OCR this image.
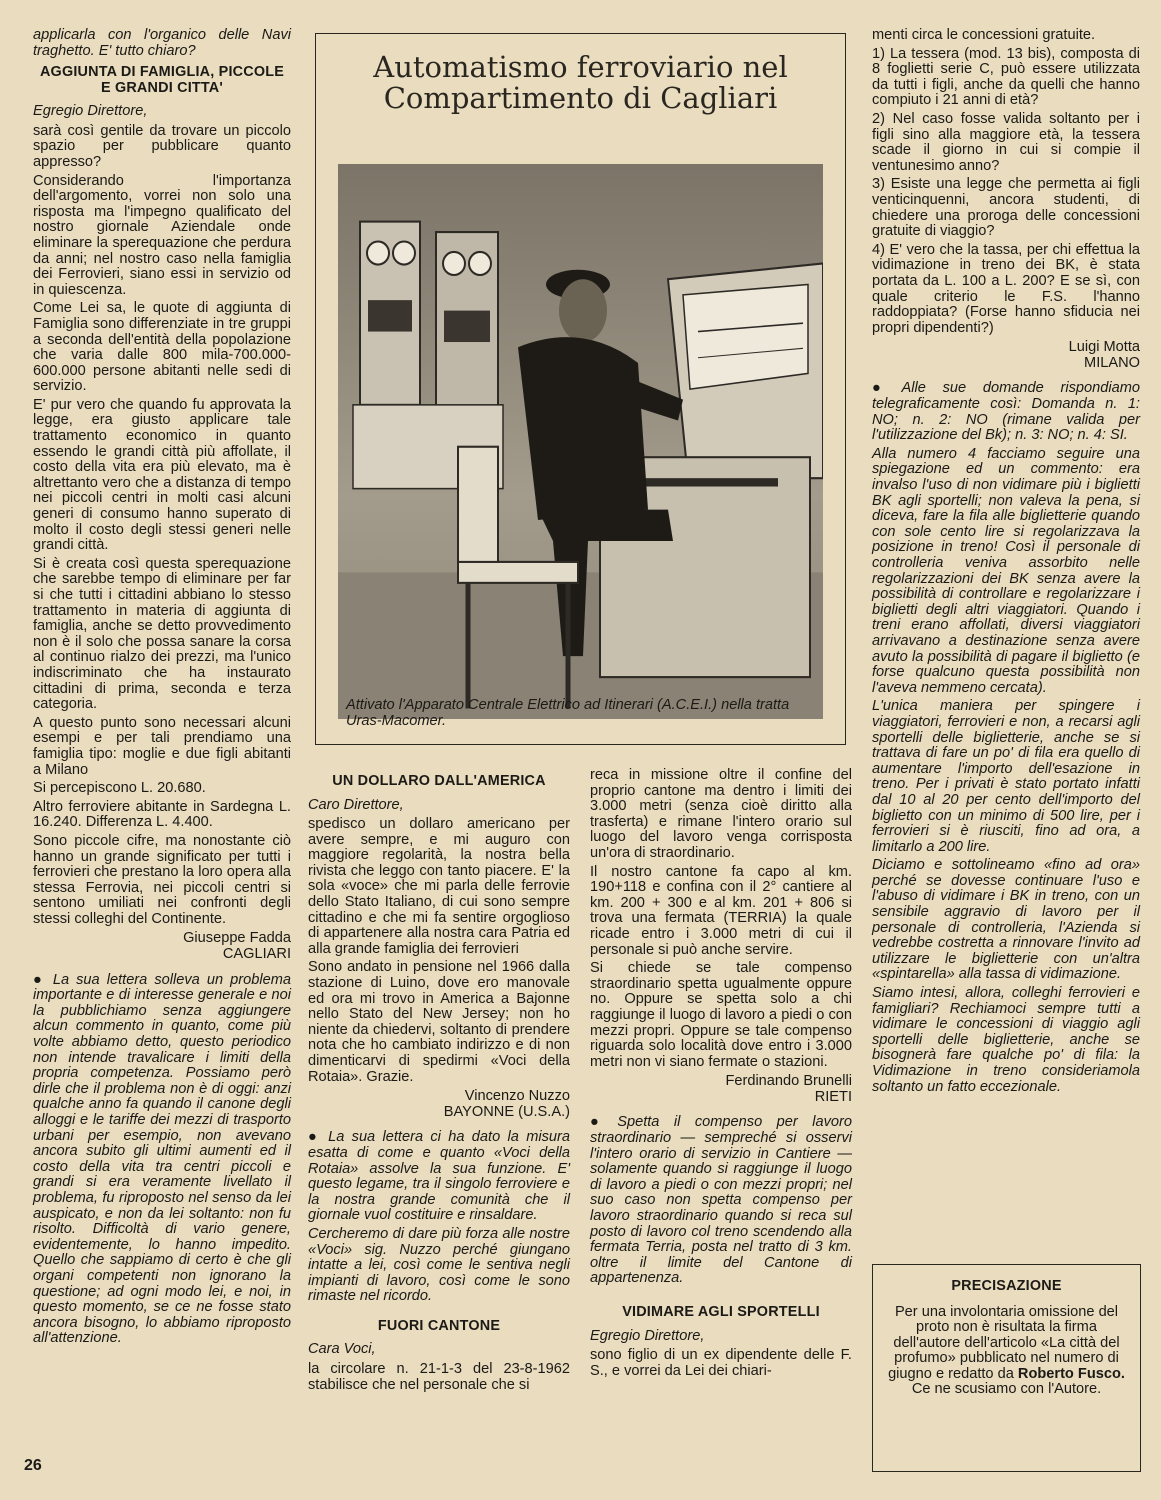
applicarla con l'organico delle Navi traghetto. E' tutto chiaro?

AGGIUNTA DI FAMIGLIA, PICCOLE E GRANDI CITTA'
Egregio Direttore,

sarà così gentile da trovare un piccolo spazio per pubblicare quanto appresso?

Considerando l'importanza dell'argomento, vorrei non solo una risposta ma l'impegno qualificato del nostro giornale Aziendale onde eliminare la sperequazione che perdura da anni; nel nostro caso nella famiglia dei Ferrovieri, siano essi in servizio od in quiescenza.

Come Lei sa, le quote di aggiunta di Famiglia sono differenziate in tre gruppi a seconda dell'entità della popolazione che varia dalle 800 mila-700.000-600.000 persone abitanti nelle sedi di servizio.

E' pur vero che quando fu approvata la legge, era giusto applicare tale trattamento economico in quanto essendo le grandi città più affollate, il costo della vita era più elevato, ma è altrettanto vero che a distanza di tempo nei piccoli centri in molti casi alcuni generi di consumo hanno superato di molto il costo degli stessi generi nelle grandi città.

Si è creata così questa sperequazione che sarebbe tempo di eliminare per far si che tutti i cittadini abbiano lo stesso trattamento in materia di aggiunta di famiglia, anche se detto provvedimento non è il solo che possa sanare la corsa al continuo rialzo dei prezzi, ma l'unico indiscriminato che ha instaurato cittadini di prima, seconda e terza categoria.

A questo punto sono necessari alcuni esempi e per tali prendiamo una famiglia tipo: moglie e due figli abitanti a Milano

Si percepiscono L. 20.680.

Altro ferroviere abitante in Sardegna L. 16.240. Differenza L. 4.400.

Sono piccole cifre, ma nonostante ciò hanno un grande significato per tutti i ferrovieri che prestano la loro opera alla stessa Ferrovia, nei piccoli centri si sentono umiliati nei confronti degli stessi colleghi del Continente.

Giuseppe Fadda
CAGLIARI

● La sua lettera solleva un problema importante e di interesse generale e noi la pubblichiamo senza aggiungere alcun commento in quanto, come più volte abbiamo detto, questo periodico non intende travalicare i limiti della propria competenza. Possiamo però dirle che il problema non è di oggi: anzi qualche anno fa quando il canone degli alloggi e le tariffe dei mezzi di trasporto urbani per esempio, non avevano ancora subito gli ultimi aumenti ed il costo della vita tra centri piccoli e grandi si era veramente livellato il problema, fu riproposto nel senso da lei auspicato, e non da lei soltanto: non fu risolto. Difficoltà di vario genere, evidentemente, lo hanno impedito. Quello che sappiamo di certo è che gli organi competenti non ignorano la questione; ad ogni modo lei, e noi, in questo momento, se ce ne fosse stato ancora bisogno, lo abbiamo riproposto all'attenzione.

Automatismo ferroviario nel Compartimento di Cagliari
Attivato l'Apparato Centrale Elettrico ad Itinerari (A.C.E.I.) nella tratta Uras-Macomer.
UN DOLLARO DALL'AMERICA
Caro Direttore,

spedisco un dollaro americano per avere sempre, e mi auguro con maggiore regolarità, la nostra bella rivista che leggo con tanto piacere. E' la sola «voce» che mi parla delle ferrovie dello Stato Italiano, di cui sono sempre cittadino e che mi fa sentire orgoglioso di appartenere alla nostra cara Patria ed alla grande famiglia dei ferrovieri

Sono andato in pensione nel 1966 dalla stazione di Luino, dove ero manovale ed ora mi trovo in America a Bajonne nello Stato del New Jersey; non ho niente da chiedervi, soltanto di prendere nota che ho cambiato indirizzo e di non dimenticarvi di spedirmi «Voci della Rotaia». Grazie.

Vincenzo Nuzzo
BAYONNE (U.S.A.)

● La sua lettera ci ha dato la misura esatta di come e quanto «Voci della Rotaia» assolve la sua funzione. E' questo legame, tra il singolo ferroviere e la nostra grande comunità che il giornale vuol costituire e rinsaldare.

Cercheremo di dare più forza alle nostre «Voci» sig. Nuzzo perché giungano intatte a lei, così come le sentiva negli impianti di lavoro, così come le sono rimaste nel ricordo.

FUORI CANTONE
Cara Voci,

la circolare n. 21-1-3 del 23-8-1962 stabilisce che nel personale che si

reca in missione oltre il confine del proprio cantone ma dentro i limiti dei 3.000 metri (senza cioè diritto alla trasferta) e rimane l'intero orario sul luogo del lavoro venga corrisposta un'ora di straordinario.

Il nostro cantone fa capo al km. 190+118 e confina con il 2° cantiere al km. 200 + 300 e al km. 201 + 806 si trova una fermata (TERRIA) la quale ricade entro i 3.000 metri di cui il personale si può anche servire.

Si chiede se tale compenso straordinario spetta ugualmente oppure no. Oppure se spetta solo a chi raggiunge il luogo di lavoro a piedi o con mezzi propri. Oppure se tale compenso riguarda solo località dove entro i 3.000 metri non vi siano fermate o stazioni.

Ferdinando Brunelli
RIETI

● Spetta il compenso per lavoro straordinario — sempreché si osservi l'intero orario di servizio in Cantiere — solamente quando si raggiunge il luogo di lavoro a piedi o con mezzi propri; nel suo caso non spetta compenso per lavoro straordinario quando si reca sul posto di lavoro col treno scendendo alla fermata Terria, posta nel tratto di 3 km. oltre il limite del Cantone di appartenenza.

VIDIMARE AGLI SPORTELLI
Egregio Direttore,

sono figlio di un ex dipendente delle F. S., e vorrei da Lei dei chiari-

menti circa le concessioni gratuite.

1) La tessera (mod. 13 bis), composta di 8 foglietti serie C, può essere utilizzata da tutti i figli, anche da quelli che hanno compiuto i 21 anni di età?

2) Nel caso fosse valida soltanto per i figli sino alla maggiore età, la tessera scade il giorno in cui si compie il ventunesimo anno?

3) Esiste una legge che permetta ai figli venticinquenni, ancora studenti, di chiedere una proroga delle concessioni gratuite di viaggio?

4) E' vero che la tassa, per chi effettua la vidimazione in treno dei BK, è stata portata da L. 100 a L. 200? E se sì, con quale criterio le F.S. l'hanno raddoppiata? (Forse hanno sfiducia nei propri dipendenti?)

Luigi Motta
MILANO

● Alle sue domande rispondiamo telegraficamente così: Domanda n. 1: NO; n. 2: NO (rimane valida per l'utilizzazione del Bk); n. 3: NO; n. 4: SI.

Alla numero 4 facciamo seguire una spiegazione ed un commento: era invalso l'uso di non vidimare più i biglietti BK agli sportelli; non valeva la pena, si diceva, fare la fila alle biglietterie quando con sole cento lire si regolarizzava la posizione in treno! Così il personale di controlleria veniva assorbito nelle regolarizzazioni dei BK senza avere la possibilità di controllare e regolarizzare i biglietti degli altri viaggiatori. Quando i treni erano affollati, diversi viaggiatori arrivavano a destinazione senza avere avuto la possibilità di pagare il biglietto (e forse qualcuno questa possibilità non l'aveva nemmeno cercata).

L'unica maniera per spingere i viaggiatori, ferrovieri e non, a recarsi agli sportelli delle biglietterie, anche se si trattava di fare un po' di fila era quello di aumentare l'importo dell'esazione in treno. Per i privati è stato portato infatti dal 10 al 20 per cento dell'importo del biglietto con un minimo di 500 lire, per i ferrovieri si è riusciti, fino ad ora, a limitarlo a 200 lire.

Diciamo e sottolineamo «fino ad ora» perché se dovesse continuare l'uso e l'abuso di vidimare i BK in treno, con un sensibile aggravio di lavoro per il personale di controlleria, l'Azienda si vedrebbe costretta a rinnovare l'invito ad utilizzare le biglietterie con un'altra «spintarella» alla tassa di vidimazione.

Siamo intesi, allora, colleghi ferrovieri e famigliari? Rechiamoci sempre tutti a vidimare le concessioni di viaggio agli sportelli delle biglietterie, anche se bisognerà fare qualche po' di fila: la Vidimazione in treno consideriamola soltanto un fatto eccezionale.

PRECISAZIONE

Per una involontaria omissione del proto non è risultata la firma dell'autore dell'articolo «La città del profumo» pubblicato nel numero di giugno e redatto da Roberto Fusco. Ce ne scusiamo con l'Autore.

26
